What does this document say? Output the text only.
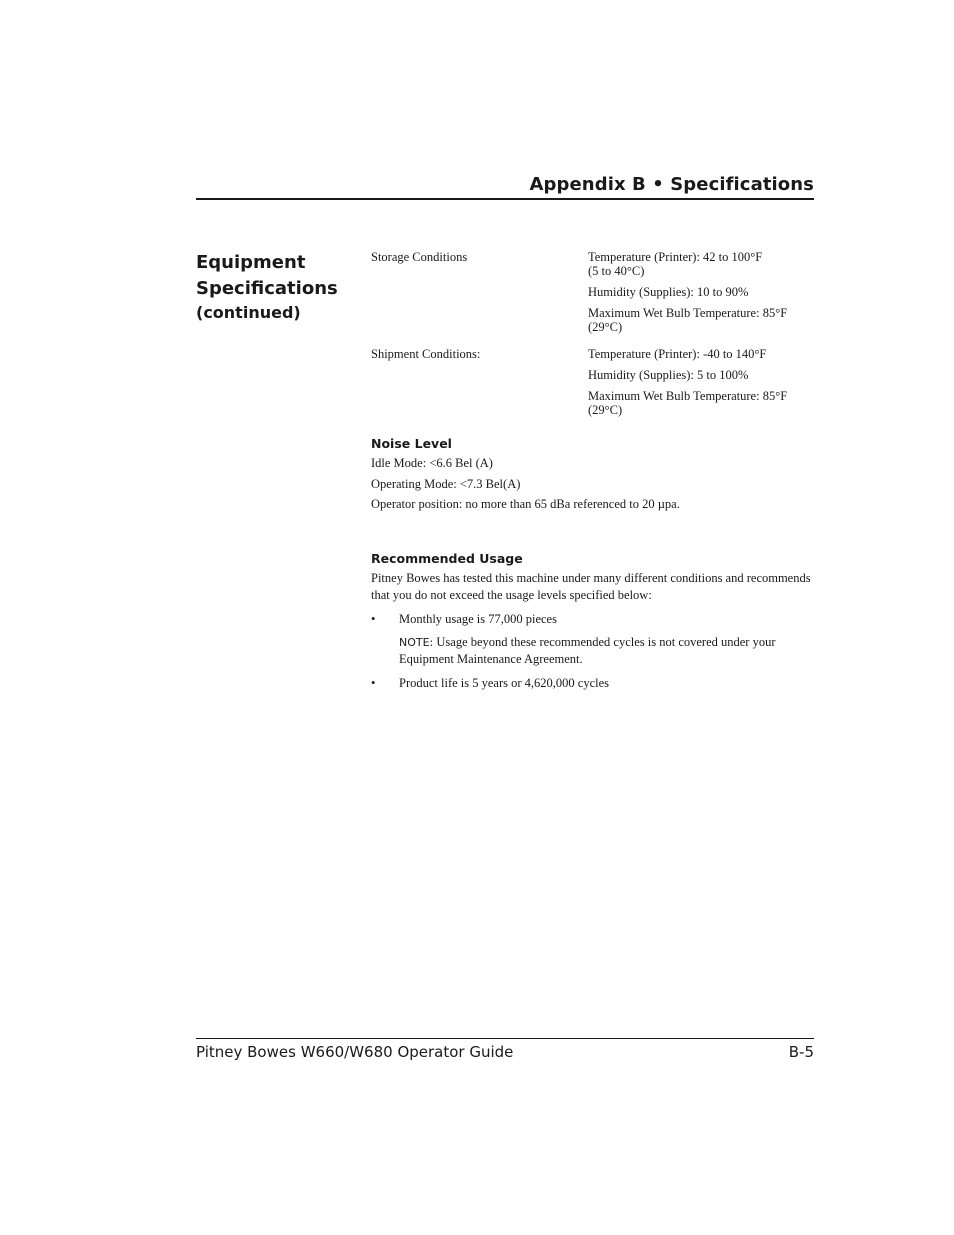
Appendix B • Specifications
Equipment
Specifications
(continued)
Storage Conditions	Temperature (Printer): 42 to 100°F
(5 to 40°C)
Humidity (Supplies): 10 to 90%
Maximum Wet Bulb Temperature: 85°F
(29°C)
Shipment Conditions:	Temperature (Printer): -40 to 140°F
Humidity (Supplies): 5 to 100%
Maximum Wet Bulb Temperature: 85°F
(29°C)
Noise Level
Idle Mode: <6.6 Bel (A)
Operating Mode: <7.3 Bel(A)
Operator position: no more than 65 dBa referenced to 20 µpa.
Recommended Usage
Pitney Bowes has tested this machine under many different conditions and recommends that you do not exceed the usage levels specified below:
• Monthly usage is 77,000 pieces
NOTE: Usage beyond these recommended cycles is not covered under your Equipment Maintenance Agreement.
• Product life is 5 years or 4,620,000 cycles
Pitney Bowes W660/W680 Operator Guide	B-5
